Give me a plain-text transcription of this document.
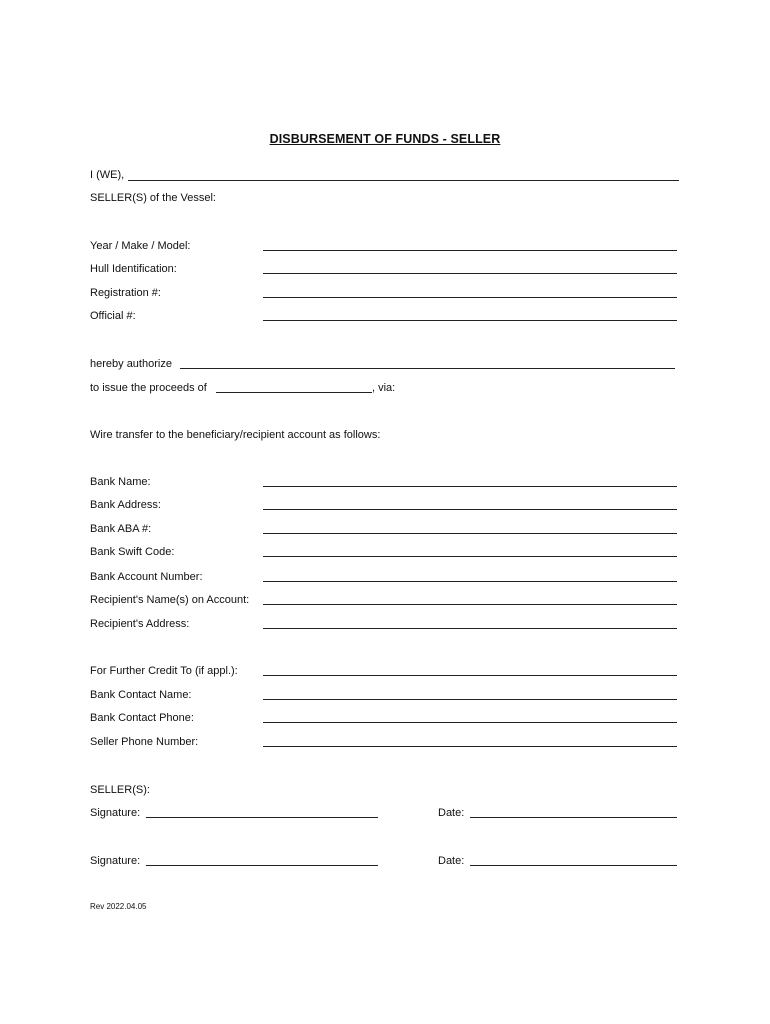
DISBURSEMENT OF FUNDS - SELLER
I (WE),
SELLER(S) of the Vessel:
Year / Make / Model:
Hull Identification:
Registration #:
Official #:
hereby authorize
to issue the proceeds of	, via:
Wire transfer to the beneficiary/recipient account as follows:
Bank Name:
Bank Address:
Bank ABA #:
Bank Swift Code:
Bank Account Number:
Recipient's Name(s) on Account:
Recipient's Address:
For Further Credit To (if appl.):
Bank Contact Name:
Bank Contact Phone:
Seller Phone Number:
SELLER(S):
Signature:	Date:
Signature:	Date:
Rev 2022.04.05
